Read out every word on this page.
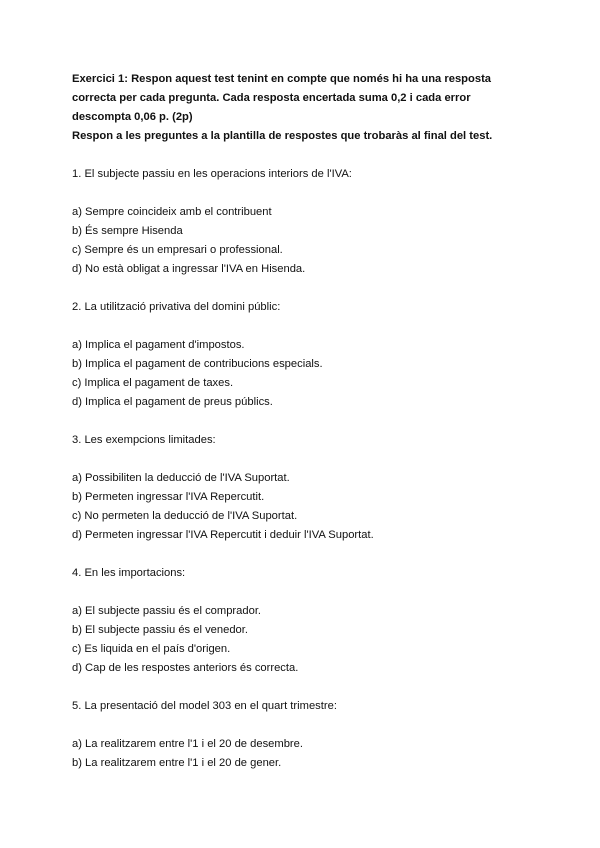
Exercici 1: Respon aquest test tenint en compte que només hi ha una resposta

correcta per cada pregunta. Cada resposta encertada suma 0,2 i cada error

descompta 0,06 p. (2p)

Respon a les preguntes a la plantilla de respostes que trobaràs al final del test.

1. El subjecte passiu en les operacions interiors de l'IVA:

a) Sempre coincideix amb el contribuent

b) És sempre Hisenda

c) Sempre és un empresari o professional.

d) No està obligat a ingressar l'IVA en Hisenda.

2. La utilització privativa del domini públic:

a) Implica el pagament d'impostos.

b) Implica el pagament de contribucions especials.

c) Implica el pagament de taxes.

d) Implica el pagament de preus públics.

3. Les exempcions limitades:

a) Possibiliten la deducció de l'IVA Suportat.

b) Permeten ingressar l'IVA Repercutit.

c) No permeten la deducció de l'IVA Suportat.

d) Permeten ingressar l'IVA Repercutit i deduir l'IVA Suportat.

4. En les importacions:

a) El subjecte passiu és el comprador.

b) El subjecte passiu és el venedor.

c) Es liquida en el país d'origen.

d) Cap de les respostes anteriors és correcta.

5. La presentació del model 303 en el quart trimestre:

a) La realitzarem entre l'1 i el 20 de desembre.

b) La realitzarem entre l'1 i el 20 de gener.
